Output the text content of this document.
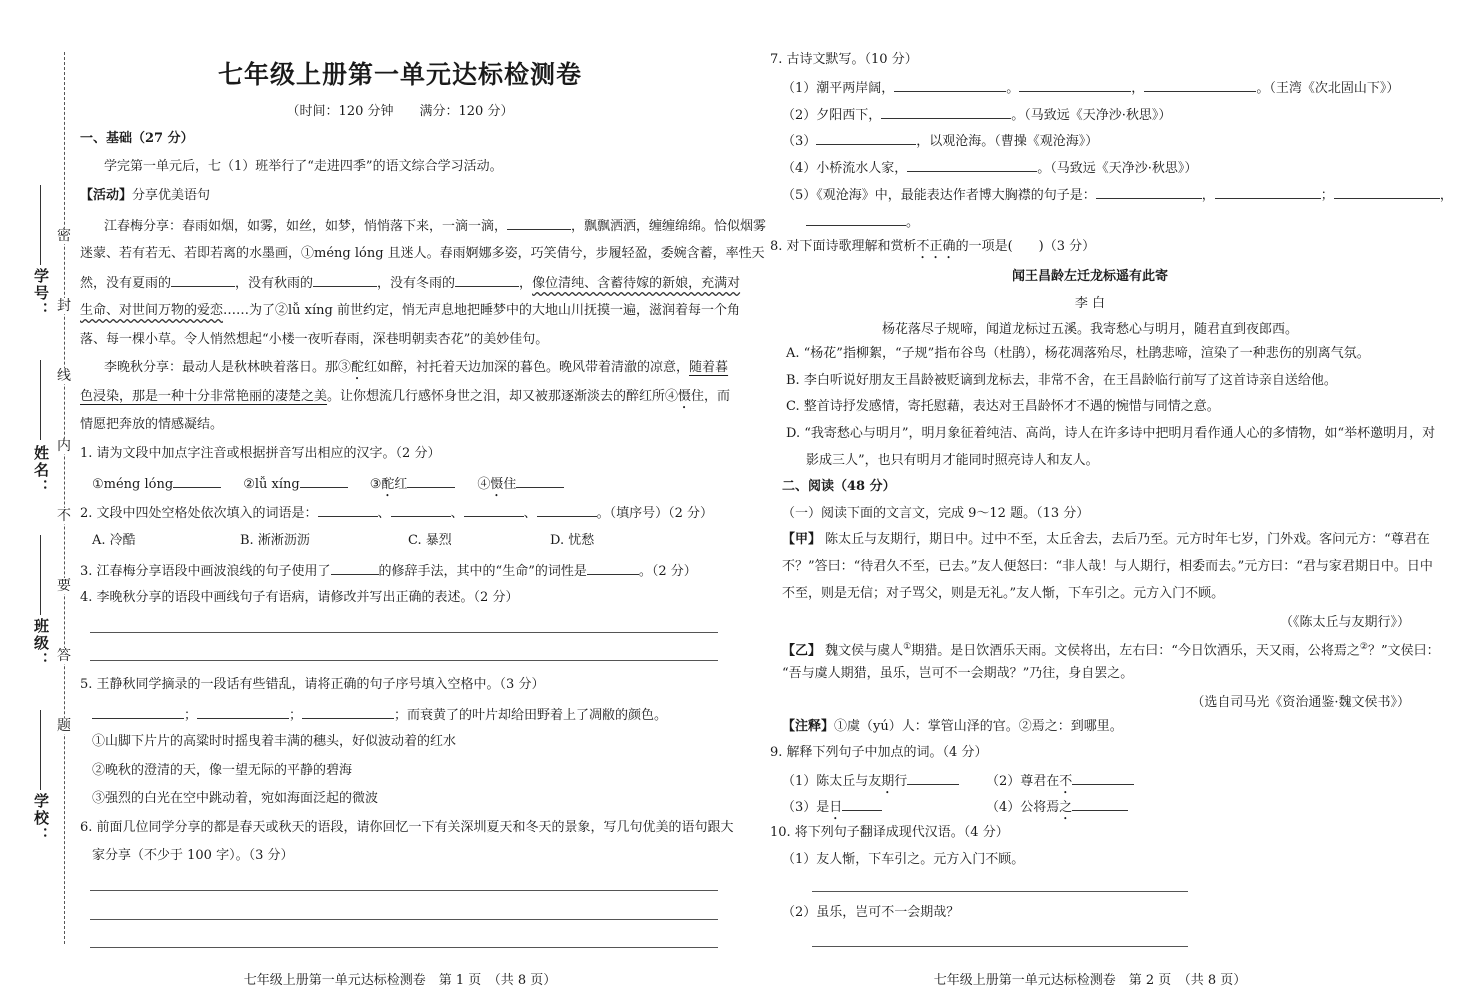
密
封
线
内
不
要
答
题
学号：
姓名：
班级：
学校：
七年级上册第一单元达标检测卷
（时间：120 分钟　　满分：120 分）
一、基础（27 分）
学完第一单元后，七（1）班举行了“走进四季”的语文综合学习活动。
【活动】分享优美语句
江春梅分享：春雨如烟，如雾，如丝，如梦，悄悄落下来，一滴一滴，	，飘飘洒洒，缠缠绵绵。恰似烟雾
迷蒙、若有若无、若即若离的水墨画，①méng lóng 且迷人。春雨婀娜多姿，巧笑倩兮，步履轻盈，委婉含蓄，率性天
然，没有夏雨的	，没有秋雨的	，没有冬雨的	，像位清纯、含蓄待嫁的新娘，充满对
生命、对世间万物的爱恋……为了②lǚ xíng 前世约定，悄无声息地把睡梦中的大地山川抚摸一遍，滋润着每一个角
落、每一棵小草。令人悄然想起“小楼一夜听春雨，深巷明朝卖杏花”的美妙佳句。
李晚秋分享：最动人是秋林映着落日。那③酡红如醉，衬托着天边加深的暮色。晚风带着清澈的凉意，随着暮
色浸染，那是一种十分非常艳丽的凄楚之美。让你想流几行感怀身世之泪，却又被那逐渐淡去的醉红所④慑住，而
情愿把奔放的情感凝结。
1. 请为文段中加点字注音或根据拼音写出相应的汉字。（2 分）
①méng lóng	②lǚ xíng	③酡红	④慑住
2. 文段中四处空格处依次填入的词语是：	、	、	、	。（填序号）（2 分）
A. 冷酷	B. 淅淅沥沥	C. 暴烈	D. 忧愁
3. 江春梅分享语段中画波浪线的句子使用了	的修辞手法，其中的“生命”的词性是	。（2 分）
4. 李晚秋分享的语段中画线句子有语病，请修改并写出正确的表述。（2 分）
5. 王静秋同学摘录的一段话有些错乱，请将正确的句子序号填入空格中。（3 分）
；	；	；而衰黄了的叶片却给田野着上了凋敝的颜色。
①山脚下片片的高粱时时摇曳着丰满的穗头，好似波动着的红水
②晚秋的澄清的天，像一望无际的平静的碧海
③强烈的白光在空中跳动着，宛如海面泛起的微波
6. 前面几位同学分享的都是春天或秋天的语段，请你回忆一下有关深圳夏天和冬天的景象，写几句优美的语句跟大
家分享（不少于 100 字）。（3 分）
七年级上册第一单元达标检测卷　第 1 页　（共 8 页）
7. 古诗文默写。（10 分）
（1）潮平两岸阔，	。	，	。（王湾《次北固山下》）
（2）夕阳西下，	。（马致远《天净沙·秋思》）
（3）	，以观沧海。（曹操《观沧海》）
（4）小桥流水人家，	。（马致远《天净沙·秋思》）
（5）《观沧海》中，最能表达作者博大胸襟的句子是：	，	；	，
。
8. 对下面诗歌理解和赏析不正确的一项是(　　)（3 分）
闻王昌龄左迁龙标遥有此寄
李 白
杨花落尽子规啼，闻道龙标过五溪。我寄愁心与明月，随君直到夜郎西。
A. “杨花”指柳絮，“子规”指布谷鸟（杜鹃），杨花凋落殆尽，杜鹃悲啼，渲染了一种悲伤的别离气氛。
B. 李白听说好朋友王昌龄被贬谪到龙标去，非常不舍，在王昌龄临行前写了这首诗亲自送给他。
C. 整首诗抒发感情，寄托慰藉，表达对王昌龄怀才不遇的惋惜与同情之意。
D. “我寄愁心与明月”，明月象征着纯洁、高尚，诗人在许多诗中把明月看作通人心的多情物，如“举杯邀明月，对
影成三人”，也只有明月才能同时照亮诗人和友人。
二、阅读（48 分）
（一）阅读下面的文言文，完成 9～12 题。（13 分）
【甲】 陈太丘与友期行，期日中。过中不至，太丘舍去，去后乃至。元方时年七岁，门外戏。客问元方：“尊君在
不？”答曰：“待君久不至，已去。”友人便怒曰：“非人哉！与人期行，相委而去。”元方曰：“君与家君期日中。日中
不至，则是无信；对子骂父，则是无礼。”友人惭，下车引之。元方入门不顾。
（《陈太丘与友期行》）
【乙】 魏文侯与虞人①期猎。是日饮酒乐天雨。文侯将出，左右曰：“今日饮酒乐，天又雨，公将焉之②？”文侯曰：
“吾与虞人期猎，虽乐，岂可不一会期哉？”乃往，身自罢之。
（选自司马光《资治通鉴·魏文侯书》）
【注释】①虞（yú）人：掌管山泽的官。②焉之：到哪里。
9. 解释下列句子中加点的词。（4 分）
（1）陈太丘与友期行	（2）尊君在不
（3）是日	（4）公将焉之
10. 将下列句子翻译成现代汉语。（4 分）
（1）友人惭，下车引之。元方入门不顾。
（2）虽乐，岂可不一会期哉？
七年级上册第一单元达标检测卷　第 2 页　（共 8 页）
